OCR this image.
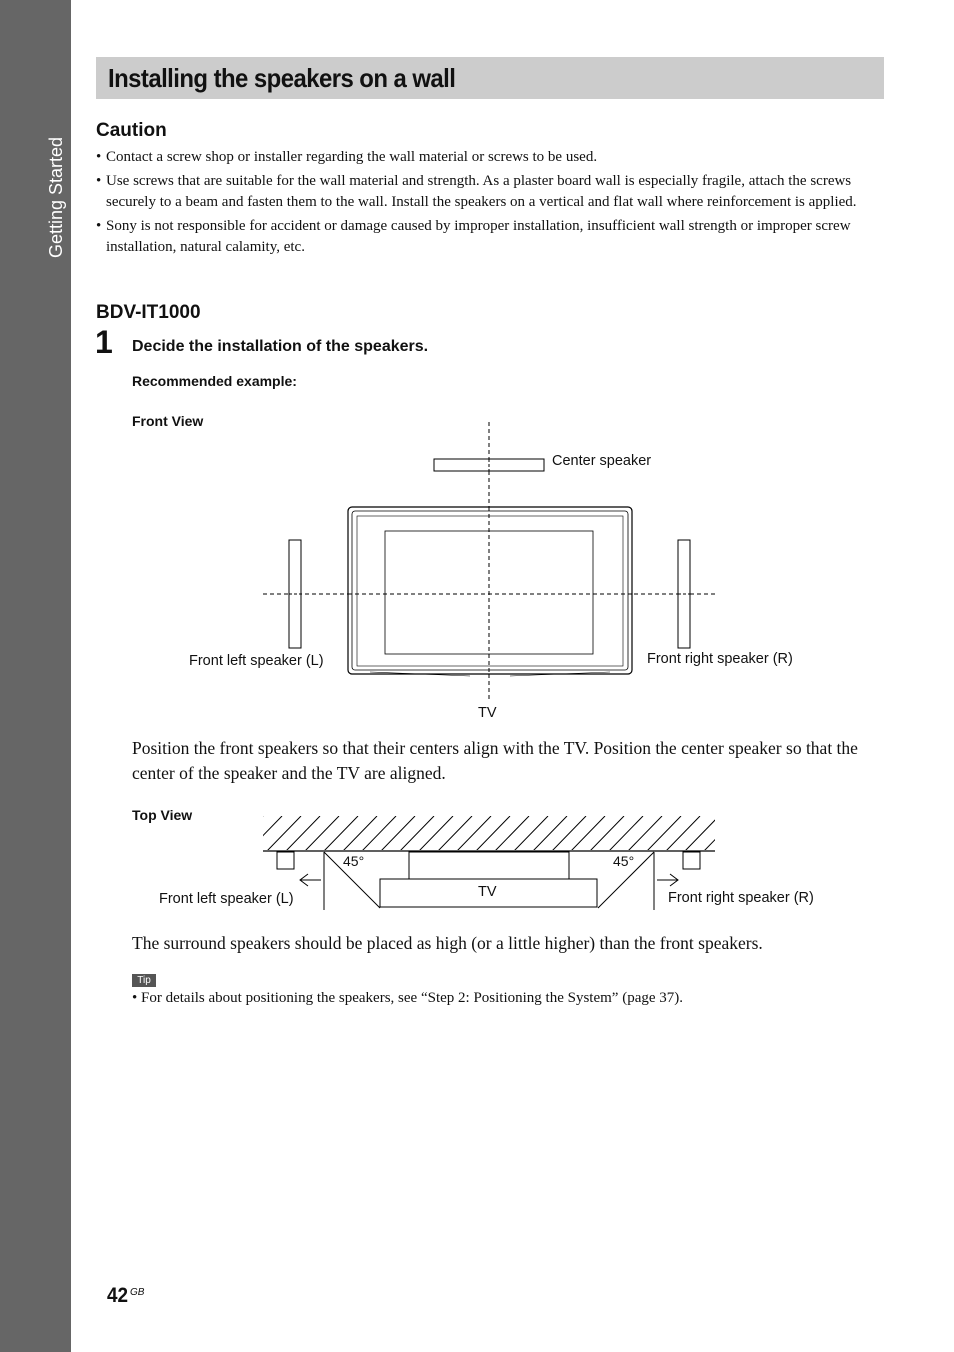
Getting Started
Installing the speakers on a wall
Caution
• Contact a screw shop or installer regarding the wall material or screws to be used.
• Use screws that are suitable for the wall material and strength. As a plaster board wall is especially fragile, attach the screws securely to a beam and fasten them to the wall. Install the speakers on a vertical and flat wall where reinforcement is applied.
• Sony is not responsible for accident or damage caused by improper installation, insufficient wall strength or improper screw installation, natural calamity, etc.
BDV-IT1000
1 Decide the installation of the speakers.
Recommended example:
Front View
Center speaker
Front left speaker (L)	Front right speaker (R)
TV

Position the front speakers so that their centers align with the TV. Position the center speaker so that the center of the speaker and the TV are aligned.

Top View
45°	45°
TV
Front left speaker (L)	Front right speaker (R)

The surround speakers should be placed as high (or a little higher) than the front speakers.

Tip
• For details about positioning the speakers, see “Step 2: Positioning the System” (page 37).
42 GB
